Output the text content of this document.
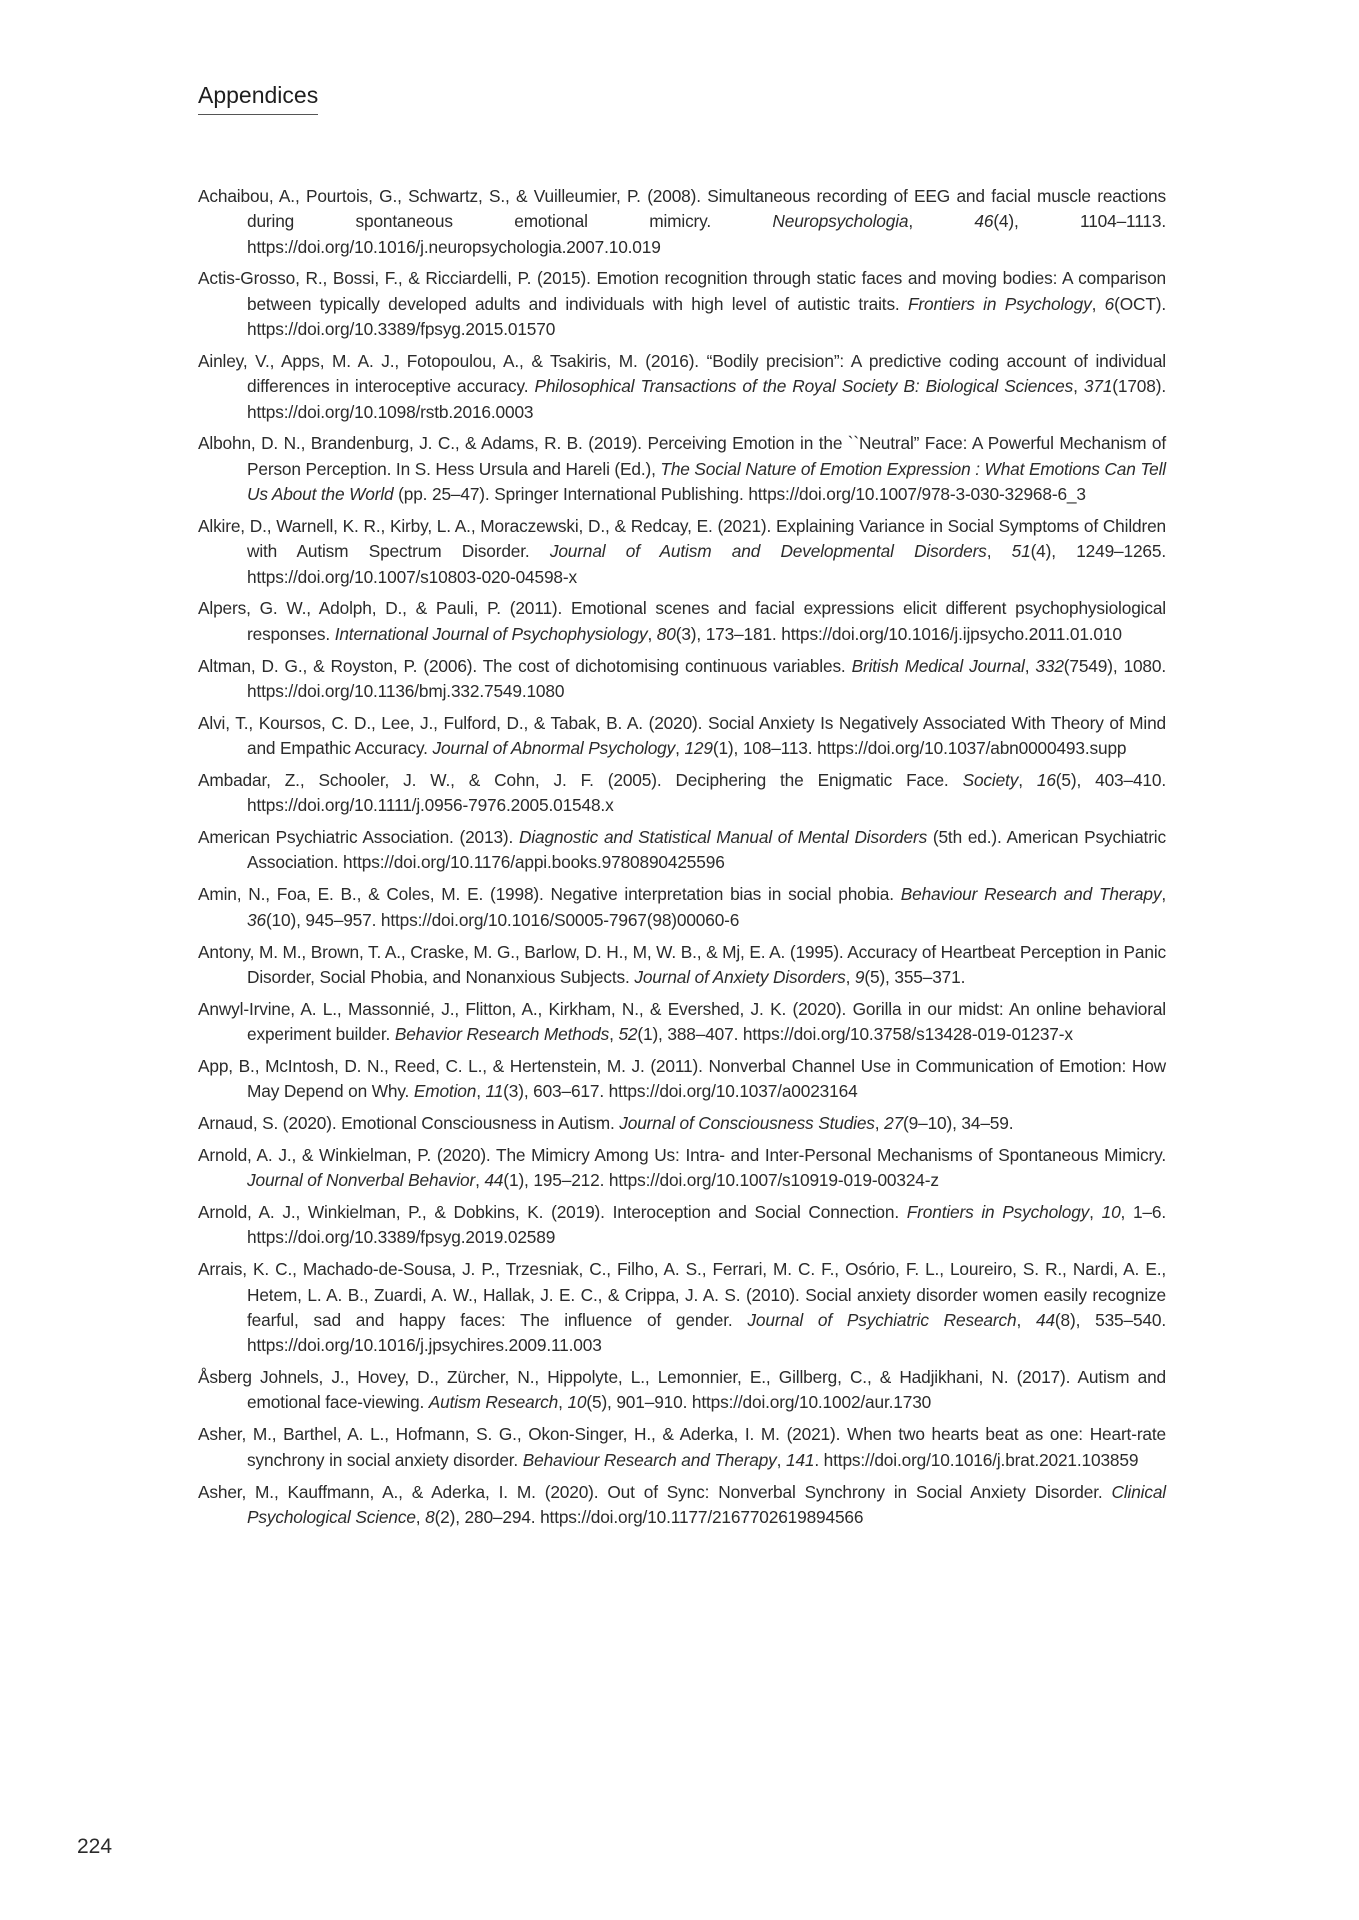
Appendices

Achaibou, A., Pourtois, G., Schwartz, S., & Vuilleumier, P. (2008). Simultaneous recording of EEG and facial muscle reactions during spontaneous emotional mimicry. Neuropsychologia, 46(4), 1104–1113. https://doi.org/10.1016/j.neuropsychologia.2007.10.019

Actis-Grosso, R., Bossi, F., & Ricciardelli, P. (2015). Emotion recognition through static faces and moving bodies: A comparison between typically developed adults and individuals with high level of autistic traits. Frontiers in Psychology, 6(OCT). https://doi.org/10.3389/fpsyg.2015.01570

Ainley, V., Apps, M. A. J., Fotopoulou, A., & Tsakiris, M. (2016). “Bodily precision”: A predictive coding account of individual differences in interoceptive accuracy. Philosophical Transactions of the Royal Society B: Biological Sciences, 371(1708). https://doi.org/10.1098/rstb.2016.0003

Albohn, D. N., Brandenburg, J. C., & Adams, R. B. (2019). Perceiving Emotion in the ``Neutral” Face: A Powerful Mechanism of Person Perception. In S. Hess Ursula and Hareli (Ed.), The Social Nature of Emotion Expression : What Emotions Can Tell Us About the World (pp. 25–47). Springer International Publishing. https://doi.org/10.1007/978-3-030-32968-6_3

Alkire, D., Warnell, K. R., Kirby, L. A., Moraczewski, D., & Redcay, E. (2021). Explaining Variance in Social Symptoms of Children with Autism Spectrum Disorder. Journal of Autism and Developmental Disorders, 51(4), 1249–1265. https://doi.org/10.1007/s10803-020-04598-x

Alpers, G. W., Adolph, D., & Pauli, P. (2011). Emotional scenes and facial expressions elicit different psychophysiological responses. International Journal of Psychophysiology, 80(3), 173–181. https://doi.org/10.1016/j.ijpsycho.2011.01.010

Altman, D. G., & Royston, P. (2006). The cost of dichotomising continuous variables. British Medical Journal, 332(7549), 1080. https://doi.org/10.1136/bmj.332.7549.1080

Alvi, T., Koursos, C. D., Lee, J., Fulford, D., & Tabak, B. A. (2020). Social Anxiety Is Negatively Associated With Theory of Mind and Empathic Accuracy. Journal of Abnormal Psychology, 129(1), 108–113. https://doi.org/10.1037/abn0000493.supp

Ambadar, Z., Schooler, J. W., & Cohn, J. F. (2005). Deciphering the Enigmatic Face. Society, 16(5), 403–410. https://doi.org/10.1111/j.0956-7976.2005.01548.x

American Psychiatric Association. (2013). Diagnostic and Statistical Manual of Mental Disorders (5th ed.). American Psychiatric Association. https://doi.org/10.1176/appi.books.9780890425596

Amin, N., Foa, E. B., & Coles, M. E. (1998). Negative interpretation bias in social phobia. Behaviour Research and Therapy, 36(10), 945–957. https://doi.org/10.1016/S0005-7967(98)00060-6

Antony, M. M., Brown, T. A., Craske, M. G., Barlow, D. H., M, W. B., & Mj, E. A. (1995). Accuracy of Heartbeat Perception in Panic Disorder, Social Phobia, and Nonanxious Subjects. Journal of Anxiety Disorders, 9(5), 355–371.

Anwyl-Irvine, A. L., Massonnié, J., Flitton, A., Kirkham, N., & Evershed, J. K. (2020). Gorilla in our midst: An online behavioral experiment builder. Behavior Research Methods, 52(1), 388–407. https://doi.org/10.3758/s13428-019-01237-x

App, B., McIntosh, D. N., Reed, C. L., & Hertenstein, M. J. (2011). Nonverbal Channel Use in Communication of Emotion: How May Depend on Why. Emotion, 11(3), 603–617. https://doi.org/10.1037/a0023164

Arnaud, S. (2020). Emotional Consciousness in Autism. Journal of Consciousness Studies, 27(9–10), 34–59.

Arnold, A. J., & Winkielman, P. (2020). The Mimicry Among Us: Intra- and Inter-Personal Mechanisms of Spontaneous Mimicry. Journal of Nonverbal Behavior, 44(1), 195–212. https://doi.org/10.1007/s10919-019-00324-z

Arnold, A. J., Winkielman, P., & Dobkins, K. (2019). Interoception and Social Connection. Frontiers in Psychology, 10, 1–6. https://doi.org/10.3389/fpsyg.2019.02589

Arrais, K. C., Machado-de-Sousa, J. P., Trzesniak, C., Filho, A. S., Ferrari, M. C. F., Osório, F. L., Loureiro, S. R., Nardi, A. E., Hetem, L. A. B., Zuardi, A. W., Hallak, J. E. C., & Crippa, J. A. S. (2010). Social anxiety disorder women easily recognize fearful, sad and happy faces: The influence of gender. Journal of Psychiatric Research, 44(8), 535–540. https://doi.org/10.1016/j.jpsychires.2009.11.003

Åsberg Johnels, J., Hovey, D., Zürcher, N., Hippolyte, L., Lemonnier, E., Gillberg, C., & Hadjikhani, N. (2017). Autism and emotional face-viewing. Autism Research, 10(5), 901–910. https://doi.org/10.1002/aur.1730

Asher, M., Barthel, A. L., Hofmann, S. G., Okon-Singer, H., & Aderka, I. M. (2021). When two hearts beat as one: Heart-rate synchrony in social anxiety disorder. Behaviour Research and Therapy, 141. https://doi.org/10.1016/j.brat.2021.103859

Asher, M., Kauffmann, A., & Aderka, I. M. (2020). Out of Sync: Nonverbal Synchrony in Social Anxiety Disorder. Clinical Psychological Science, 8(2), 280–294. https://doi.org/10.1177/2167702619894566

224
